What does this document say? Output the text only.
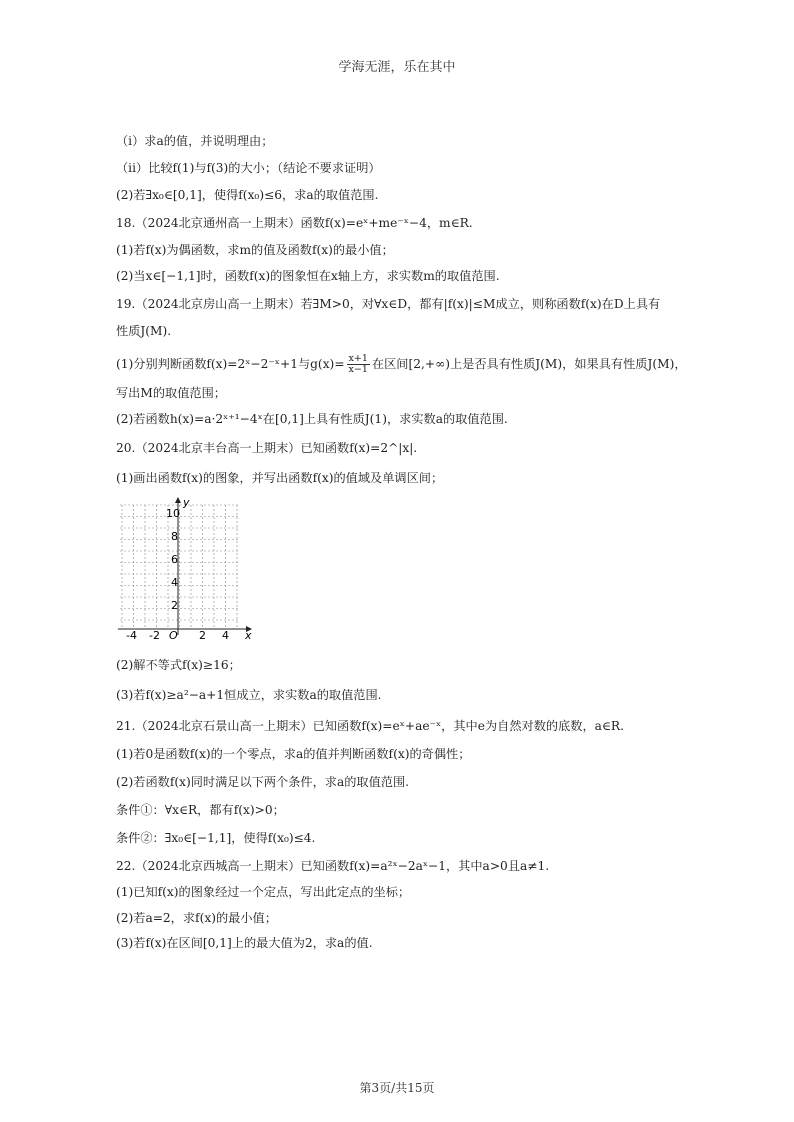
学海无涯，乐在其中
（i）求a的值，并说明理由；
（ii）比较f(1)与f(3)的大小；（结论不要求证明）
(2)若∃x₀∈[0,1]，使得f(x₀)≤6，求a的取值范围.
18.（2024北京通州高一上期末）函数f(x)=eˣ+me⁻ˣ−4，m∈R.
(1)若f(x)为偶函数，求m的值及函数f(x)的最小值；
(2)当x∈[−1,1]时，函数f(x)的图象恒在x轴上方，求实数m的取值范围.
19.（2024北京房山高一上期末）若∃M>0，对∀x∈D，都有|f(x)|≤M成立，则称函数f(x)在D上具有
性质J(M).
(1)分别判断函数f(x)=2ˣ−2⁻ˣ+1与$g(x)= \frac{x+1}{x-1}$ 在区间[2,+∞)上是否具有性质J(M)，如果具有性质J(M)，
写出M的取值范围；
(2)若函数h(x)=a·2ˣ⁺¹−4ˣ在[0,1]上具有性质J(1)，求实数a的取值范围.
20.（2024北京丰台高一上期末）已知函数f(x)=2^|x|.
(1)画出函数f(x)的图象，并写出函数f(x)的值域及单调区间；
y
x
O
10
8
6
4
2
-4 -2	2 4
(2)解不等式f(x)≥16；
(3)若f(x)≥a²−a+1恒成立，求实数a的取值范围.
21.（2024北京石景山高一上期末）已知函数f(x)=eˣ+ae⁻ˣ，其中e为自然对数的底数，a∈R.
(1)若0是函数f(x)的一个零点，求a的值并判断函数f(x)的奇偶性；
(2)若函数f(x)同时满足以下两个条件，求a的取值范围.
条件①：∀x∈R，都有f(x)>0；
条件②：∃x₀∈[−1,1]，使得f(x₀)≤4.
22.（2024北京西城高一上期末）已知函数f(x)=a²ˣ−2aˣ−1，其中a>0且a≠1.
(1)已知f(x)的图象经过一个定点，写出此定点的坐标；
(2)若a=2，求f(x)的最小值；
(3)若f(x)在区间[0,1]上的最大值为2，求a的值.
第3页/共15页
